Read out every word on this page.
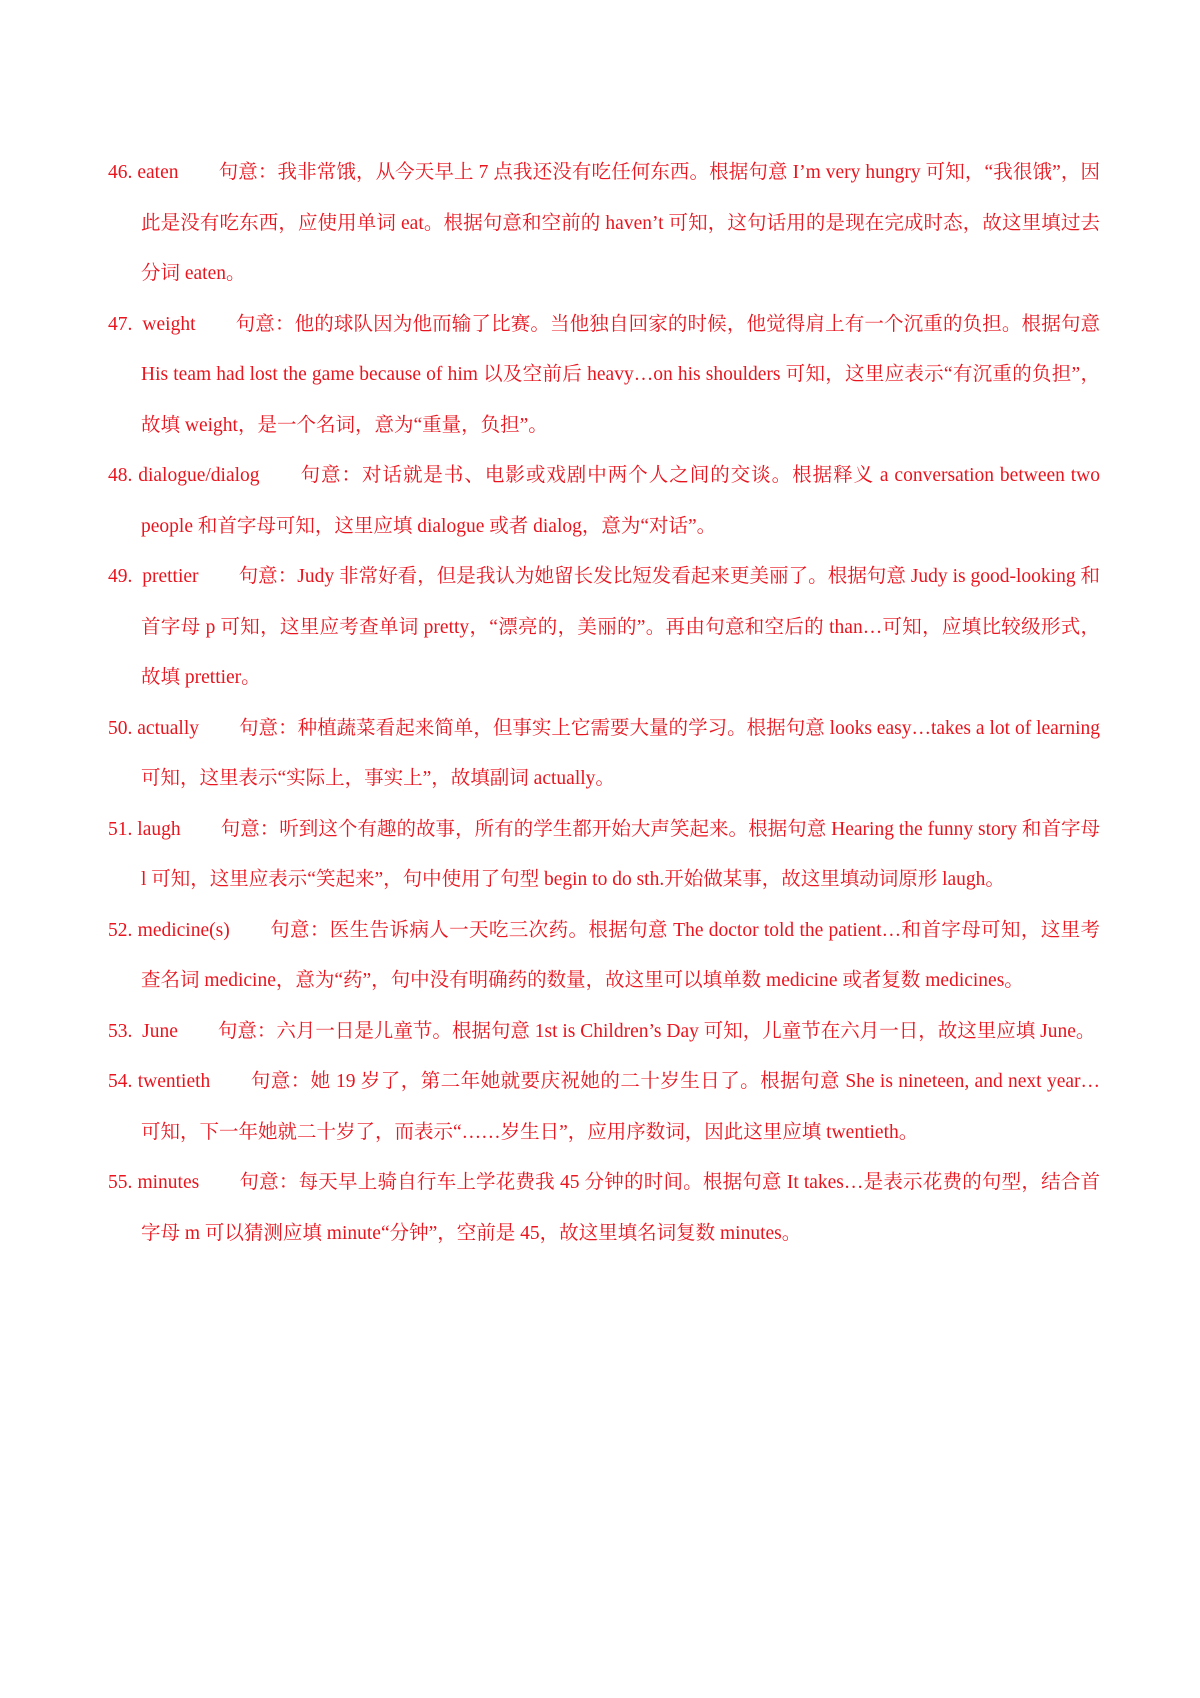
46. eaten 句意：我非常饿，从今天早上 7 点我还没有吃任何东西。根据句意 I’m very hungry 可知，“我很饿”，因此是没有吃东西，应使用单词 eat。根据句意和空前的 haven’t 可知，这句话用的是现在完成时态，故这里填过去分词 eaten。

47. weight 句意：他的球队因为他而输了比赛。当他独自回家的时候，他觉得肩上有一个沉重的负担。根据句意 His team had lost the game because of him 以及空前后 heavy…on his shoulders 可知，这里应表示“有沉重的负担”，故填 weight，是一个名词，意为“重量，负担”。

48. dialogue/dialog 句意：对话就是书、电影或戏剧中两个人之间的交谈。根据释义 a conversation between two people 和首字母可知，这里应填 dialogue 或者 dialog，意为“对话”。

49. prettier 句意：Judy 非常好看，但是我认为她留长发比短发看起来更美丽了。根据句意 Judy is good-looking 和首字母 p 可知，这里应考查单词 pretty，“漂亮的，美丽的”。再由句意和空后的 than…可知，应填比较级形式，故填 prettier。

50. actually 句意：种植蔬菜看起来简单，但事实上它需要大量的学习。根据句意 looks easy…takes a lot of learning 可知，这里表示“实际上，事实上”，故填副词 actually。

51. laugh 句意：听到这个有趣的故事，所有的学生都开始大声笑起来。根据句意 Hearing the funny story 和首字母 l 可知，这里应表示“笑起来”，句中使用了句型 begin to do sth.开始做某事，故这里填动词原形 laugh。

52. medicine(s) 句意：医生告诉病人一天吃三次药。根据句意 The doctor told the patient…和首字母可知，这里考查名词 medicine，意为“药”，句中没有明确药的数量，故这里可以填单数 medicine 或者复数 medicines。

53. June 句意：六月一日是儿童节。根据句意 1st is Children’s Day 可知，儿童节在六月一日，故这里应填 June。

54. twentieth 句意：她 19 岁了，第二年她就要庆祝她的二十岁生日了。根据句意 She is nineteen, and next year…可知，下一年她就二十岁了，而表示“……岁生日”，应用序数词，因此这里应填 twentieth。

55. minutes 句意：每天早上骑自行车上学花费我 45 分钟的时间。根据句意 It takes…是表示花费的句型，结合首字母 m 可以猜测应填 minute“分钟”，空前是 45，故这里填名词复数 minutes。
